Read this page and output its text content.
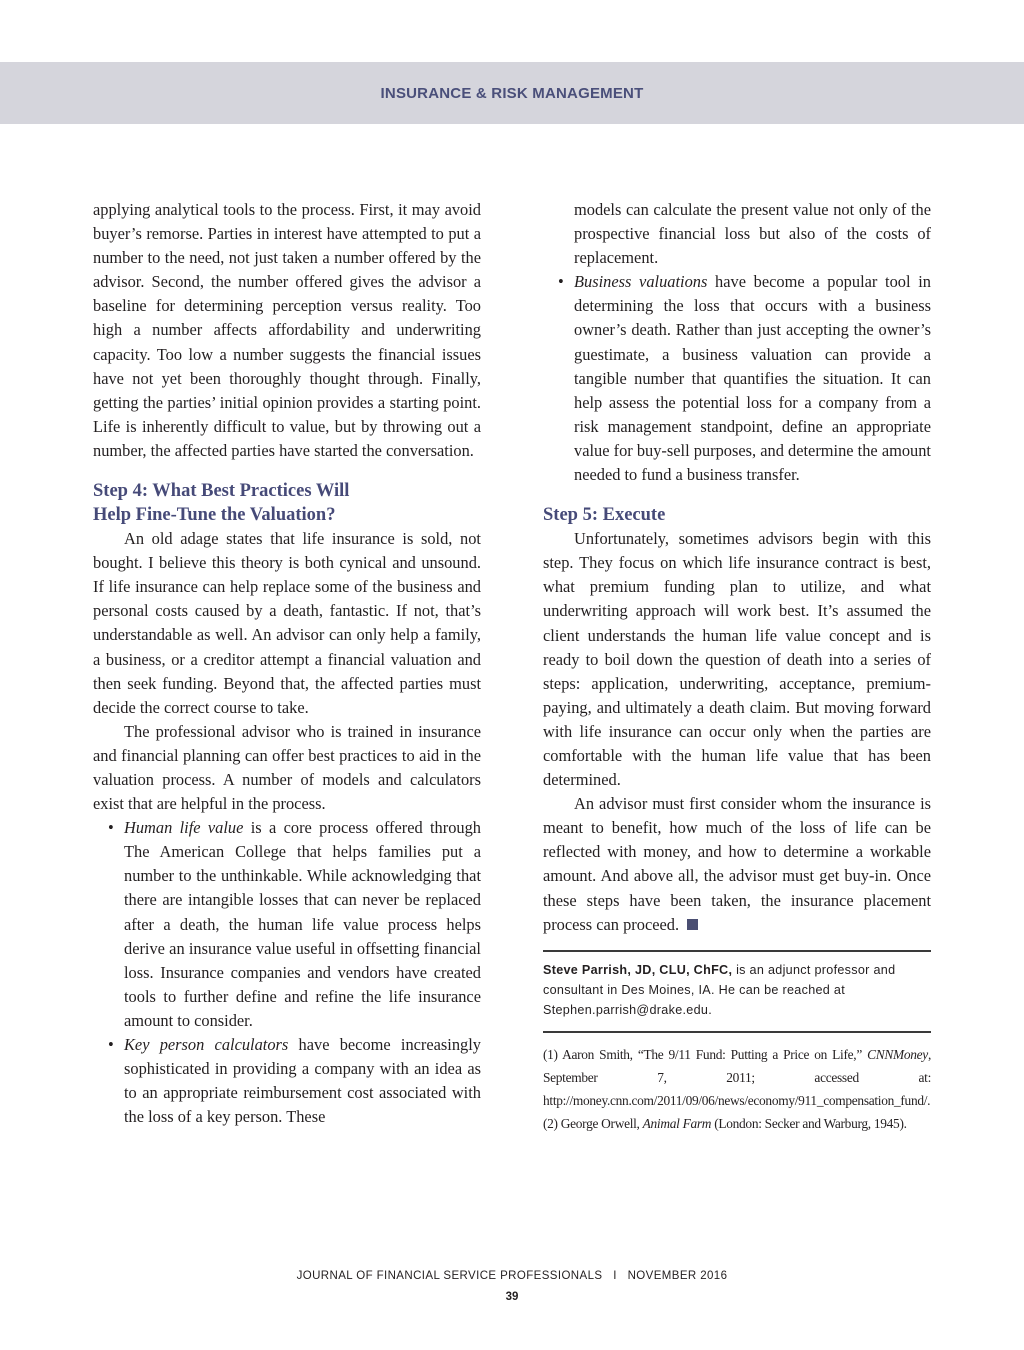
INSURANCE & RISK MANAGEMENT

applying analytical tools to the process. First, it may avoid buyer’s remorse. Parties in interest have attempted to put a number to the need, not just taken a number offered by the advisor. Second, the number offered gives the advisor a baseline for determining perception versus reality. Too high a number affects affordability and underwriting capacity. Too low a number suggests the financial issues have not yet been thoroughly thought through. Finally, getting the parties’ initial opinion provides a starting point. Life is inherently difficult to value, but by throwing out a number, the affected parties have started the conversation.

Step 4: What Best Practices Will
Help Fine-Tune the Valuation?

An old adage states that life insurance is sold, not bought. I believe this theory is both cynical and unsound. If life insurance can help replace some of the business and personal costs caused by a death, fantastic. If not, that’s understandable as well. An advisor can only help a family, a business, or a creditor attempt a financial valuation and then seek funding. Beyond that, the affected parties must decide the correct course to take.

The professional advisor who is trained in insurance and financial planning can offer best practices to aid in the valuation process. A number of models and calculators exist that are helpful in the process.

• Human life value is a core process offered through The American College that helps families put a number to the unthinkable. While acknowledging that there are intangible losses that can never be replaced after a death, the human life value process helps derive an insurance value useful in offsetting financial loss. Insurance companies and vendors have created tools to further define and refine the life insurance amount to consider.
• Key person calculators have become increasingly sophisticated in providing a company with an idea as to an appropriate reimbursement cost associated with the loss of a key person. These
models can calculate the present value not only of the prospective financial loss but also of the costs of replacement.
• Business valuations have become a popular tool in determining the loss that occurs with a business owner’s death. Rather than just accepting the owner’s guestimate, a business valuation can provide a tangible number that quantifies the situation. It can help assess the potential loss for a company from a risk management standpoint, define an appropriate value for buy-sell purposes, and determine the amount needed to fund a business transfer.
Step 5: Execute

Unfortunately, sometimes advisors begin with this step. They focus on which life insurance contract is best, what premium funding plan to utilize, and what underwriting approach will work best. It’s assumed the client understands the human life value concept and is ready to boil down the question of death into a series of steps: application, underwriting, acceptance, premium-paying, and ultimately a death claim. But moving forward with life insurance can occur only when the parties are comfortable with the human life value that has been determined.

An advisor must first consider whom the insurance is meant to benefit, how much of the loss of life can be reflected with money, and how to determine a workable amount. And above all, the advisor must get buy-in. Once these steps have been taken, the insurance placement process can proceed.

Steve Parrish, JD, CLU, ChFC, is an adjunct professor and consultant in Des Moines, IA. He can be reached at Stephen.parrish@drake.edu.

(1) Aaron Smith, “The 9/11 Fund: Putting a Price on Life,” CNNMoney, September 7, 2011; accessed at: http://money.cnn.com/2011/09/06/news/economy/911_compensation_fund/.

(2) George Orwell, Animal Farm (London: Secker and Warburg, 1945).

JOURNAL OF FINANCIAL SERVICE PROFESSIONALS   I   NOVEMBER 2016
39
